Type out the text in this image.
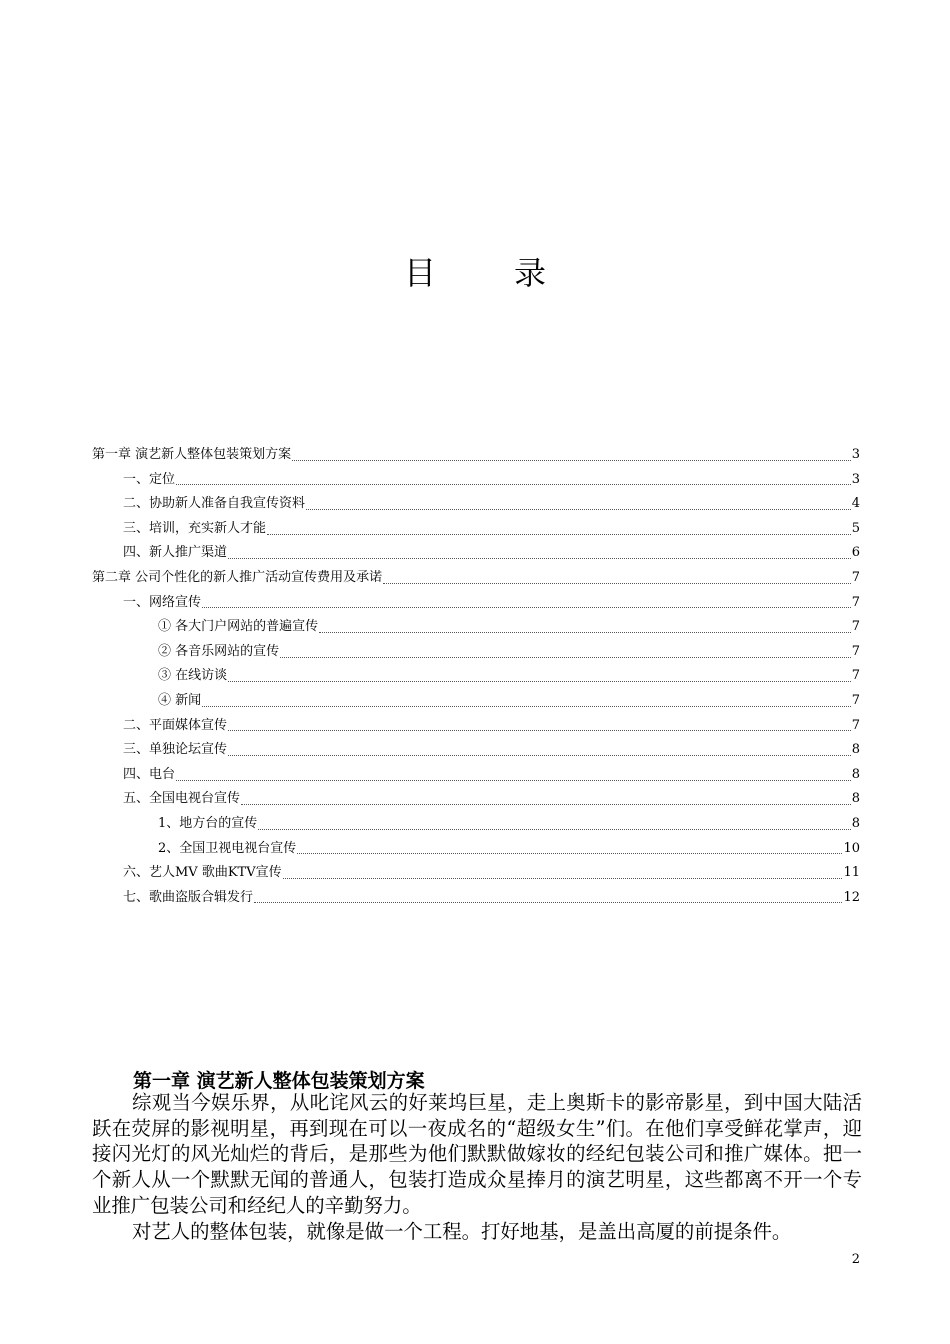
目 录
第一章 演艺新人整体包装策划方案	3
一、定位	3
二、协助新人准备自我宣传资料	4
三、培训，充实新人才能	5
四、新人推广渠道	6
第二章 公司个性化的新人推广活动宣传费用及承诺	7
一、网络宣传	7
① 各大门户网站的普遍宣传	7
② 各音乐网站的宣传	7
③ 在线访谈	7
④ 新闻	7
二、平面媒体宣传	7
三、单独论坛宣传	8
四、电台	8
五、全国电视台宣传	8
1、地方台的宣传	8
2、全国卫视电视台宣传	10
六、艺人MV 歌曲KTV宣传	11
七、歌曲盗版合辑发行	12
第一章 演艺新人整体包装策划方案

综观当今娱乐界，从叱诧风云的好莱坞巨星，走上奥斯卡的影帝影星，到中国大陆活跃在荧屏的影视明星，再到现在可以一夜成名的“超级女生”们。在他们享受鲜花掌声，迎接闪光灯的风光灿烂的背后，是那些为他们默默做嫁妆的经纪包装公司和推广媒体。把一个新人从一个默默无闻的普通人，包装打造成众星捧月的演艺明星，这些都离不开一个专业推广包装公司和经纪人的辛勤努力。

对艺人的整体包装，就像是做一个工程。打好地基，是盖出高厦的前提条件。

2
